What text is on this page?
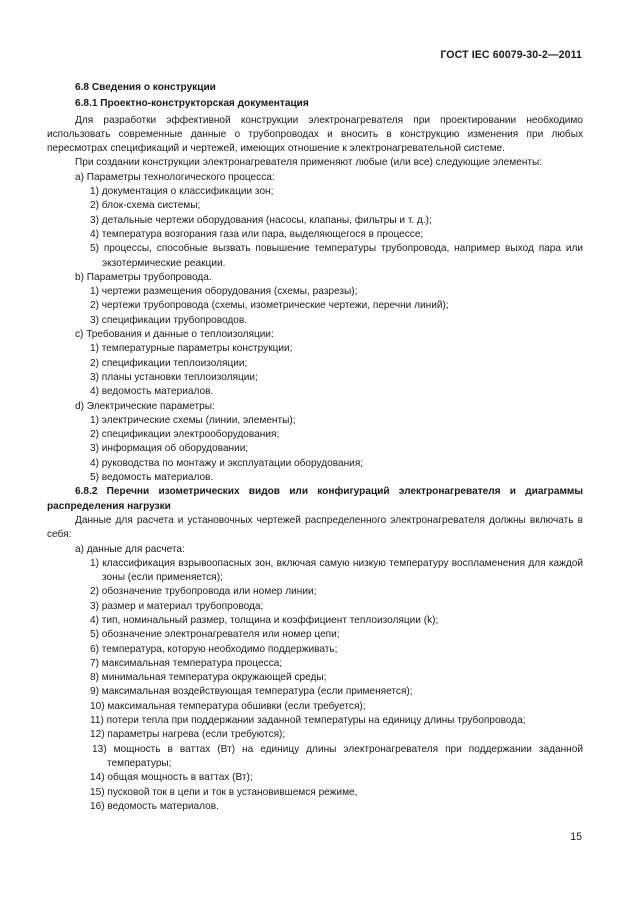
ГОСТ IEC 60079-30-2—2011

6.8 Сведения о конструкции

6.8.1 Проектно-конструкторская документация

Для разработки эффективной конструкции электронагревателя при проектировании необходимо использовать современные данные о трубопроводах и вносить в конструкцию изменения при любых пересмотрах спецификаций и чертежей, имеющих отношение к электронагревательной системе.

При создании конструкции электронагревателя применяют любые (или все) следующие элементы:

a) Параметры технологического процесса:

1) документация о классификации зон;

2) блок-схема системы;

3) детальные чертежи оборудования (насосы, клапаны, фильтры и т. д.);

4) температура возгорания газа или пара, выделяющегося в процессе;

5) процессы, способные вызвать повышение температуры трубопровода, например выход пара или экзотермические реакции.

b) Параметры трубопровода.

1) чертежи размещения оборудования (схемы, разрезы);

2) чертежи трубопровода (схемы, изометрические чертежи, перечни линий);

3) спецификации трубопроводов.

c) Требования и данные о теплоизоляции:

1) температурные параметры конструкции;

2) спецификации теплоизоляции;

3) планы установки теплоизоляции;

4) ведомость материалов.

d) Электрические параметры:

1) электрические схемы (линии, элементы);

2) спецификации электрооборудования;

3) информация об оборудовании;

4) руководства по монтажу и эксплуатации оборудования;

5) ведомость материалов.

6.8.2 Перечни изометрических видов или конфигураций электронагревателя и диаграммы распределения нагрузки

Данные для расчета и установочных чертежей распределенного электронагревателя должны включать в себя:

a) данные для расчета:

1) классификация взрывоопасных зон, включая самую низкую температуру воспламенения для каждой зоны (если применяется);

2) обозначение трубопровода или номер линии;

3) размер и материал трубопровода;

4) тип, номинальный размер, толщина и коэффициент теплоизоляции (k);

5) обозначение электронагревателя или номер цепи;

6) температура, которую необходимо поддерживать;

7) максимальная температура процесса;

8) минимальная температура окружающей среды;

9) максимальная воздействующая температура (если применяется);

10) максимальная температура обшивки (если требуется);

11) потери тепла при поддержании заданной температуры на единицу длины трубопровода;

12) параметры нагрева (если требуются);

13) мощность в ваттах (Вт) на единицу длины электронагревателя при поддержании заданной температуры;

14) общая мощность в ваттах (Вт);

15) пусковой ток в цепи и ток в установившемся режиме,

16) ведомость материалов.

15
